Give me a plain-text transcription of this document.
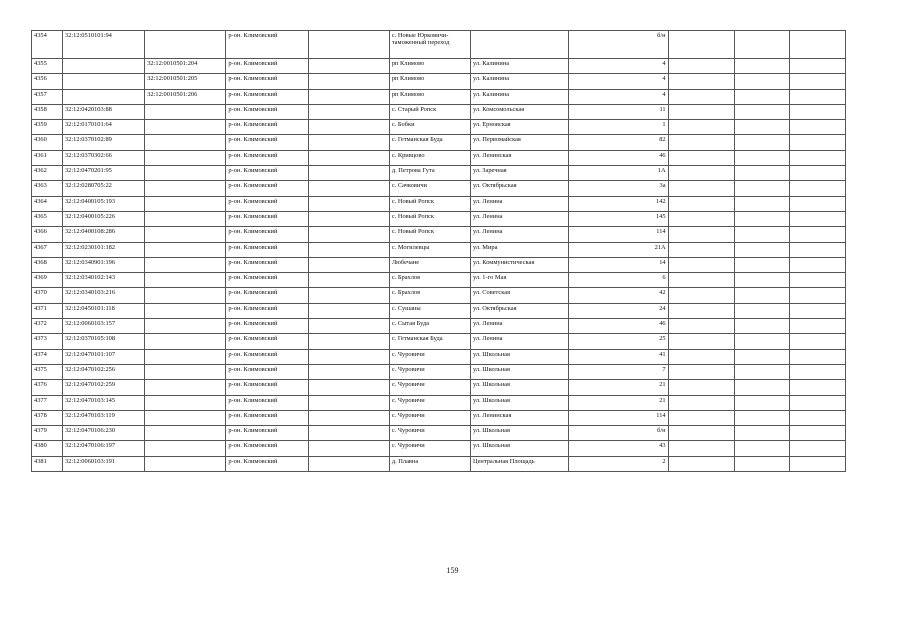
4354	32:12:0510101:94		р-он. Климовский		с. Новые Юрковичи-таможенный переход		б/н			
4355		32:12:0010501:204	р-он. Климовский		рп Климово	ул. Калинина	4			
4356		32:12:0010501:205	р-он. Климовский		рп Климово	ул. Калинина	4			
4357		32:12:0010501:206	р-он. Климовский		рп Климово	ул. Калинина	4			
4358	32:12:0420103:88		р-он. Климовский		с. Старый Ропск	ул. Комсомольская	11			
4359	32:12:0170101:64		р-он. Климовский		с. Бобки	ул. Ерновская	1			
4360	32:12:0370102:89		р-он. Климовский		с. Гетманская Буда	ул. Первомайская	82			
4361	32:12:0370302:66		р-он. Климовский		с. Кривцово	ул. Ленинская	46			
4362	32:12:0470201:95		р-он. Климовский		д. Петрова Гута	ул. Заречная	1А			
4363	32:12:0280705:22		р-он. Климовский		с. Сачковичи	ул. Октябрьская	3а			
4364	32:12:0400105:193		р-он. Климовский		с. Новый Ропск	ул. Ленина	142			
4365	32:12:0400105:226		р-он. Климовский		с. Новый Ропск	ул. Ленина	145			
4366	32:12:0400108:286		р-он. Климовский		с. Новый Ропск	ул. Ленина	114			
4367	32:12:0230101:182		р-он. Климовский		с. Могилевцы	ул. Мира	21А			
4368	32:12:0340901:196		р-он. Климовский		Любечане	ул. Коммунистическая	14			
4369	32:12:0340102:143		р-он. Климовский		с. Брахлов	ул. 1-го Мая	6			
4370	32:12:0340103:216		р-он. Климовский		с. Брахлов	ул. Советская	42			
4371	32:12:0450101:118		р-он. Климовский		с. Сушаны	ул. Октябрьская	24			
4372	32:12:0060103:157		р-он. Климовский		с. Сытая Буда	ул. Ленина	46			
4373	32:12:0370105:108		р-он. Климовский		с. Гетманская Буда	ул. Ленина	25			
4374	32:12:0470101:107		р-он. Климовский		с. Чуровичи	ул. Школьная	41			
4375	32:12:0470102:256		р-он. Климовский		с. Чуровичи	ул. Школьная	7			
4376	32:12:0470102:259		р-он. Климовский		с. Чуровичи	ул. Школьная	21			
4377	32:12:0470103:145		р-он. Климовский		с. Чуровичи	ул. Школьная	21			
4378	32:12:0470103:119		р-он. Климовский		с. Чуровичи	ул. Ленинская	114			
4379	32:12:0470106:230		р-он. Климовский		с. Чуровичи	ул. Школьная	б/н			
4380	32:12:0470106:197		р-он. Климовский		с. Чуровичи	ул. Школьная	43			
4381	32:12:0060103:191		р-он. Климовский		д. Плавна	Центральная Площадь	2			
159
